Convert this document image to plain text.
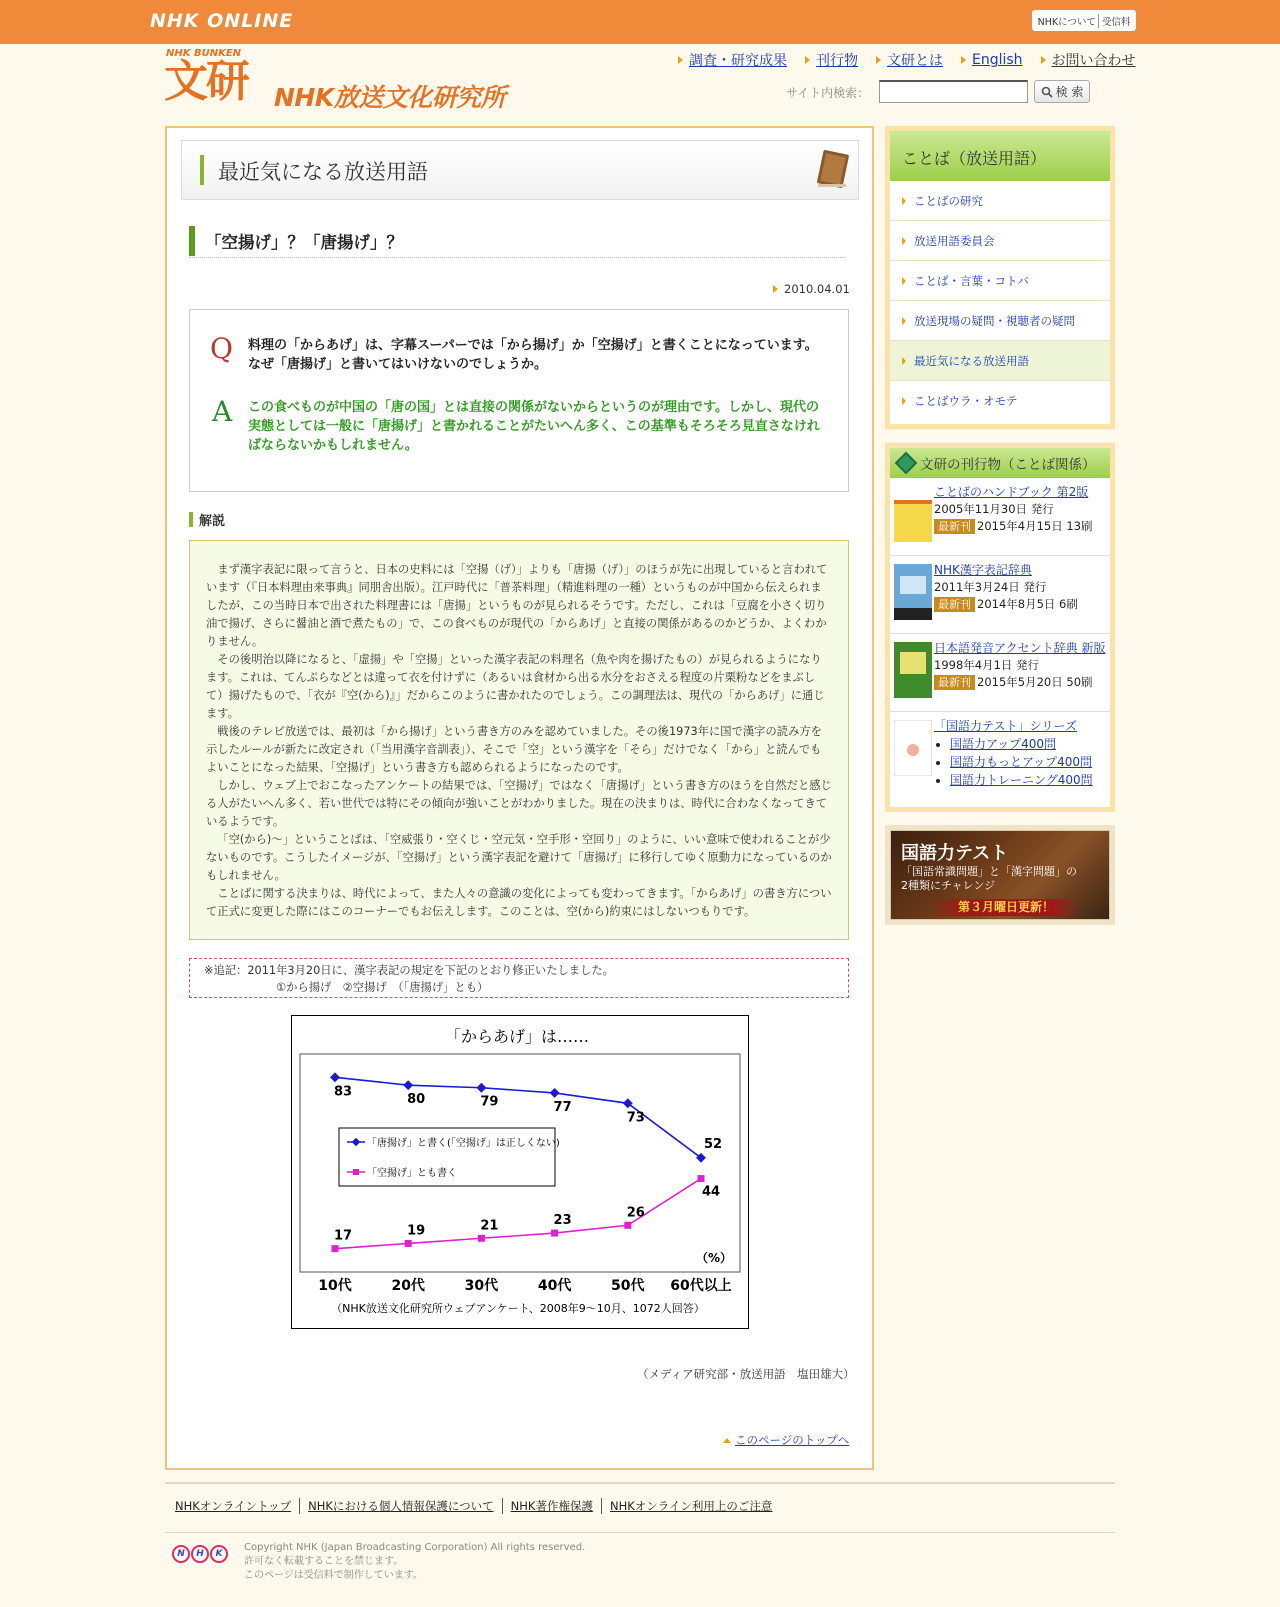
NHK ONLINE	NHKについて 受信料
NHK BUNKEN
文研 NHK放送文化研究所
調査・研究成果 刊行物 文研とは English お問い合わせ
サイト内検索：	検 索
最近気になる放送用語
「空揚げ」？「唐揚げ」？
2010.04.01
Q 料理の「からあげ」は、字幕スーパーでは「から揚げ」か「空揚げ」と書くことになっています。なぜ「唐揚げ」と書いてはいけないのでしょうか。
A この食べものが中国の「唐の国」とは直接の関係がないからというのが理由です。しかし、現代の実態としては一般に「唐揚げ」と書かれることがたいへん多く、この基準もそろそろ見直さなければならないかもしれません。
解説

まず漢字表記に限って言うと、日本の史料には「空揚（げ）」よりも「唐揚（げ）」のほうが先に出現していると言われています（『日本料理由来事典』同朋舎出版）。江戸時代に「普茶料理」（精進料理の一種）というものが中国から伝えられましたが、この当時日本で出された料理書には「唐揚」というものが見られるそうです。ただし、これは「豆腐を小さく切り油で揚げ、さらに醤油と酒で煮たもの」で、この食べものが現代の「からあげ」と直接の関係があるのかどうか、よくわかりません。

その後明治以降になると、「虚揚」や「空揚」といった漢字表記の料理名（魚や肉を揚げたもの）が見られるようになります。これは、てんぷらなどとは違って衣を付けずに（あるいは食材から出る水分をおさえる程度の片栗粉などをまぶして）揚げたもので、「衣が『空(から)』」だからこのように書かれたのでしょう。この調理法は、現代の「からあげ」に通じます。

戦後のテレビ放送では、最初は「から揚げ」という書き方のみを認めていました。その後1973年に国で漢字の読み方を示したルールが新たに改定され（「当用漢字音訓表」）、そこで「空」という漢字を「そら」だけでなく「から」と読んでもよいことになった結果、「空揚げ」という書き方も認められるようになったのです。

しかし、ウェブ上でおこなったアンケートの結果では、「空揚げ」ではなく「唐揚げ」という書き方のほうを自然だと感じる人がたいへん多く、若い世代では特にその傾向が強いことがわかりました。現在の決まりは、時代に合わなくなってきているようです。

「空(から)～」ということばは、「空威張り・空くじ・空元気・空手形・空回り」のように、いい意味で使われることが少ないものです。こうしたイメージが、「空揚げ」という漢字表記を避けて「唐揚げ」に移行してゆく原動力になっているのかもしれません。

ことばに関する決まりは、時代によって、また人々の意識の変化によっても変わってきます。「からあげ」の書き方について正式に変更した際にはこのコーナーでもお伝えします。このことは、空(から)約束にはしないつもりです。

※追記：2011年3月20日に、漢字表記の規定を下記のとおり修正いたしました。
①から揚げ　②空揚げ　（「唐揚げ」とも）
「からあげ」は……
83
80	79	77
73
52
17	19	21	23
26
44
10代	20代	30代	40代	50代 60代以上
「唐揚げ」と書く(「空揚げ」は正しくない)
「空揚げ」とも書く
（%）
（NHK放送文化研究所ウェブアンケート、2008年9～10月、1072人回答）
（メディア研究部・放送用語　塩田雄大）
このページのトップへ
ことば（放送用語）
ことばの研究
放送用語委員会
ことば・言葉・コトバ
放送現場の疑問・視聴者の疑問
最近気になる放送用語
ことばウラ・オモテ
文研の刊行物（ことば関係）
ことばのハンドブック 第2版
2005年11月30日 発行
最新刊 2015年4月15日 13刷
NHK漢字表記辞典
2011年3月24日 発行
最新刊 2014年8月5日 6刷
日本語発音アクセント辞典 新版
1998年4月1日 発行
最新刊 2015年5月20日 50刷
「国語力テスト」シリーズ
• 国語力アップ400問
• 国語力もっとアップ400問
• 国語力トレーニング400問
国語力テスト
「国語常識問題」と「漢字問題」の
2種類にチャレンジ
第３月曜日更新！
NHKオンライントップ	NHKにおける個人情報保護について	NHK著作権保護	NHKオンライン利用上のご注意
N	H	K
Copyright NHK (Japan Broadcasting Corporation) All rights reserved.
許可なく転載することを禁じます。
このページは受信料で制作しています。
